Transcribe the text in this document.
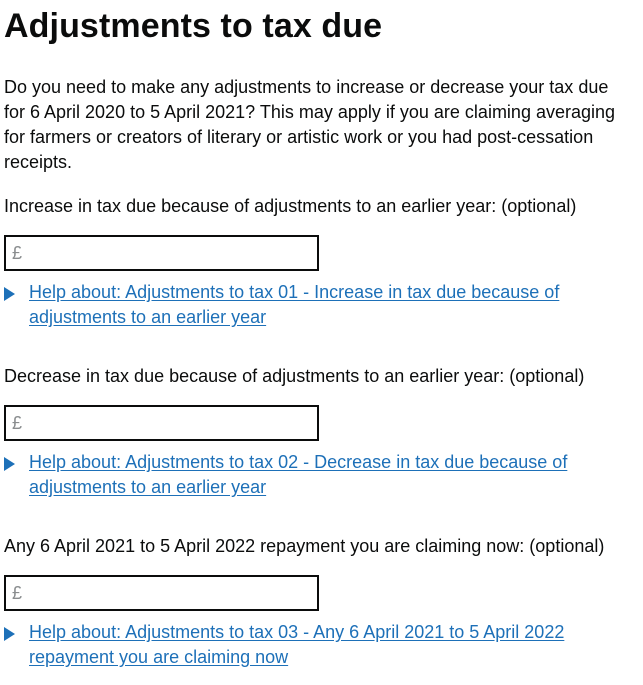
Adjustments to tax due

Do you need to make any adjustments to increase or decrease your tax due for 6 April 2020 to 5 April 2021? This may apply if you are claiming averaging for farmers or creators of literary or artistic work or you had post-cessation receipts.

Increase in tax due because of adjustments to an earlier year: (optional)
£
Help about: Adjustments to tax 01 - Increase in tax due because of adjustments to an earlier year
Decrease in tax due because of adjustments to an earlier year: (optional)
£
Help about: Adjustments to tax 02 - Decrease in tax due because of adjustments to an earlier year
Any 6 April 2021 to 5 April 2022 repayment you are claiming now: (optional)
£
Help about: Adjustments to tax 03 - Any 6 April 2021 to 5 April 2022 repayment you are claiming now
